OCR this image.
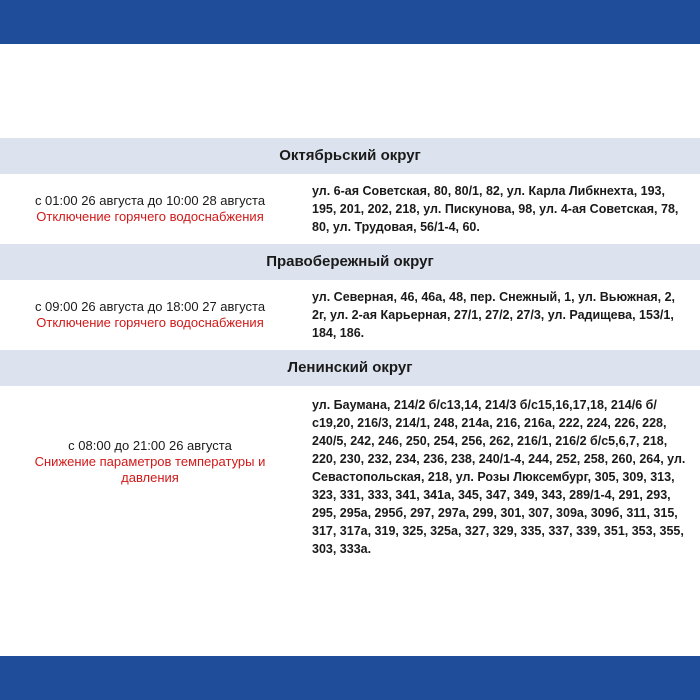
Октябрьский округ
с 01:00 26 августа до 10:00 28 августа
Отключение горячего водоснабжения
ул. 6-ая Советская, 80, 80/1, 82, ул. Карла Либкнехта, 193, 195, 201, 202, 218, ул. Пискунова, 98, ул. 4-ая Советская, 78, 80, ул. Трудовая, 56/1-4, 60.
Правобережный округ
с 09:00 26 августа до 18:00 27 августа
Отключение горячего водоснабжения
ул. Северная, 46, 46а, 48, пер. Снежный, 1, ул. Вьюжная, 2, 2г, ул. 2-ая Карьерная, 27/1, 27/2, 27/3, ул. Радищева, 153/1, 184, 186.
Ленинский округ
с 08:00 до 21:00 26 августа
Снижение параметров температуры и давления
ул. Баумана, 214/2 б/с13,14, 214/3 б/с15,16,17,18, 214/6 б/с19,20, 216/3, 214/1, 248, 214а, 216, 216а, 222, 224, 226, 228, 240/5, 242, 246, 250, 254, 256, 262, 216/1, 216/2 б/с5,6,7, 218, 220, 230, 232, 234, 236, 238, 240/1-4, 244, 252, 258, 260, 264, ул. Севастопольская, 218, ул. Розы Люксембург, 305, 309, 313, 323, 331, 333, 341, 341а, 345, 347, 349, 343, 289/1-4, 291, 293, 295, 295а, 295б, 297, 297а, 299, 301, 307, 309а, 309б, 311, 315, 317, 317а, 319, 325, 325а, 327, 329, 335, 337, 339, 351, 353, 355, 303, 333а.
